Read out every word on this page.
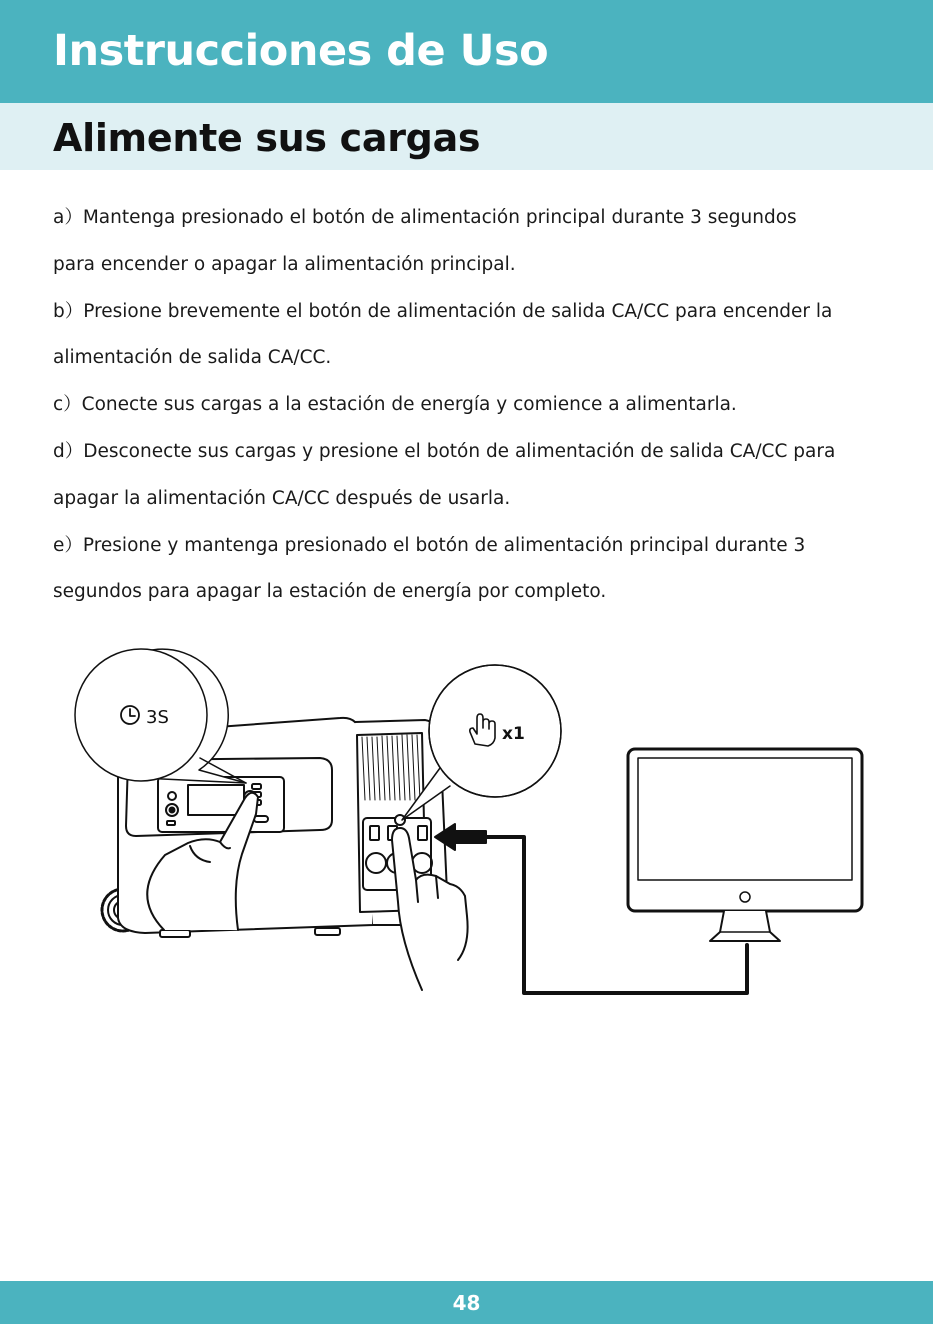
Instrucciones de Uso
Alimente sus cargas
a）Mantenga presionado el botón de alimentación principal durante 3 segundos
para encender o apagar la alimentación principal.
b）Presione brevemente el botón de alimentación de salida CA/CC para encender la
alimentación de salida CA/CC.
c）Conecte sus cargas a la estación de energía y comience a alimentarla.
d）Desconecte sus cargas y presione el botón de alimentación de salida CA/CC para
apagar la alimentación CA/CC después de usarla.
e）Presione y mantenga presionado el botón de alimentación principal durante 3
segundos para apagar la estación de energía por completo.
3S
x1
48
